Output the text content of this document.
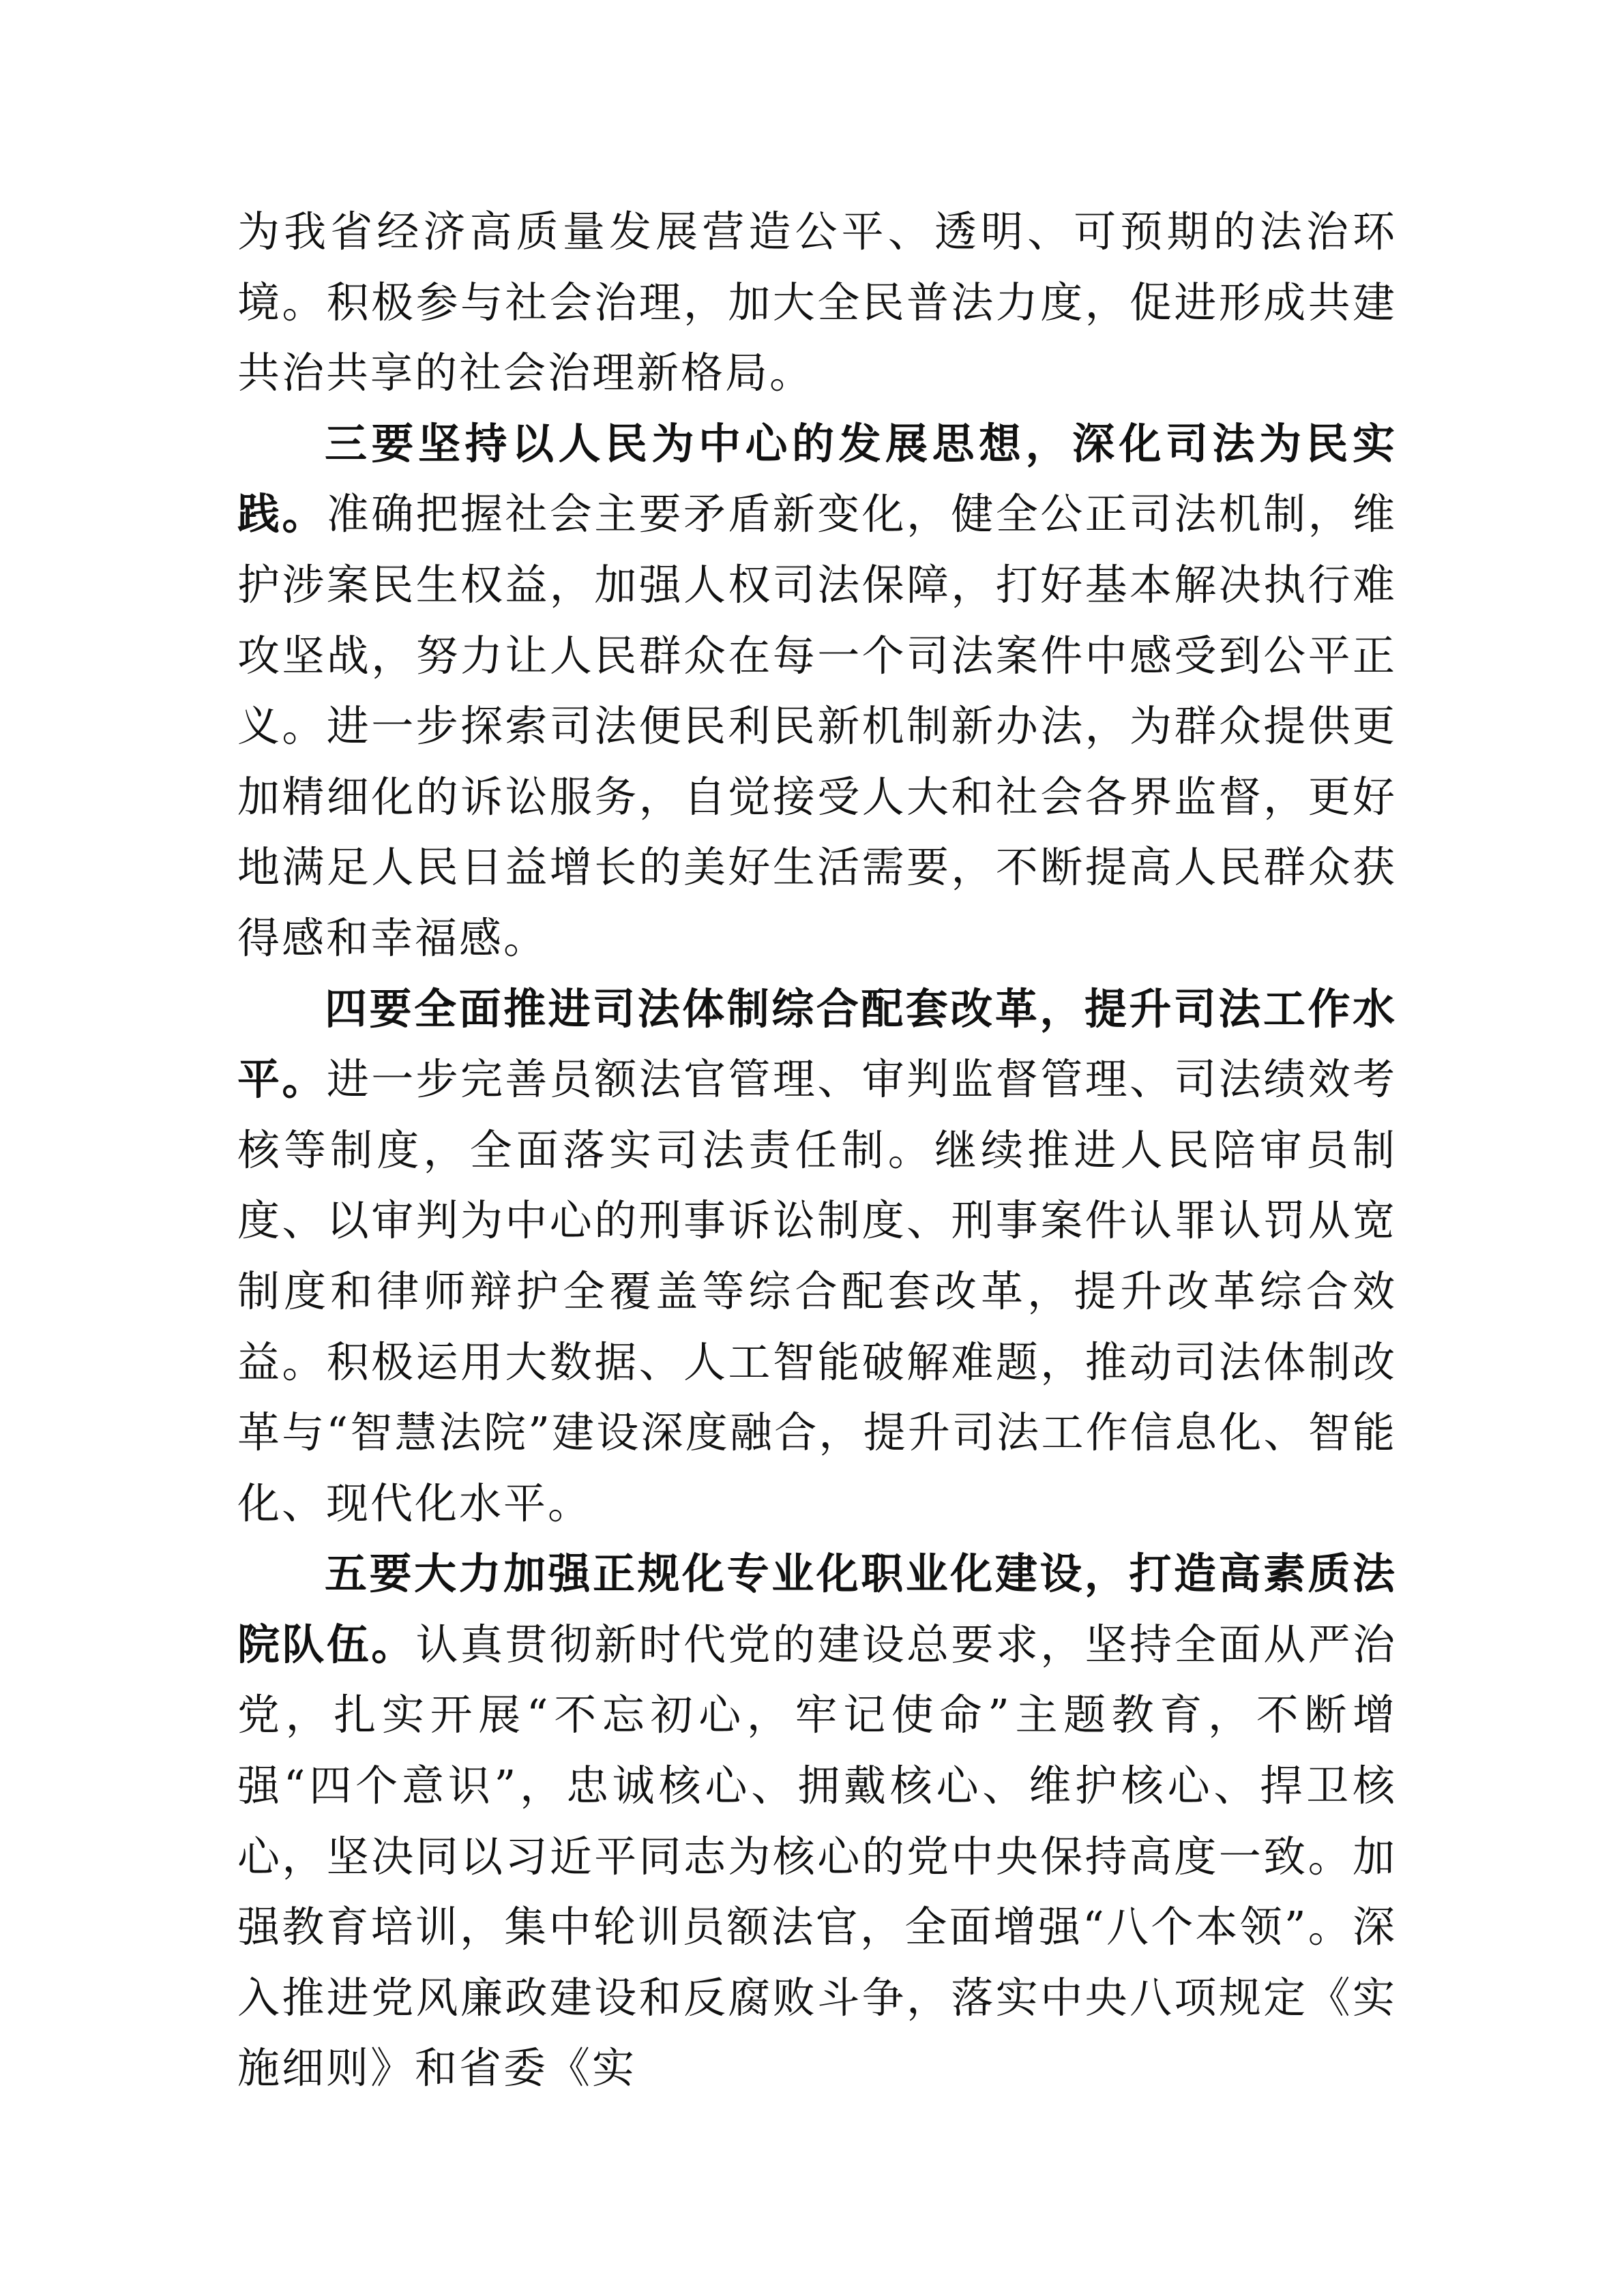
为我省经济高质量发展营造公平、透明、可预期的法治环境。积极参与社会治理，加大全民普法力度，促进形成共建共治共享的社会治理新格局。

三要坚持以人民为中心的发展思想，深化司法为民实践。准确把握社会主要矛盾新变化，健全公正司法机制，维护涉案民生权益，加强人权司法保障，打好基本解决执行难攻坚战，努力让人民群众在每一个司法案件中感受到公平正义。进一步探索司法便民利民新机制新办法，为群众提供更加精细化的诉讼服务，自觉接受人大和社会各界监督，更好地满足人民日益增长的美好生活需要，不断提高人民群众获得感和幸福感。

四要全面推进司法体制综合配套改革，提升司法工作水平。进一步完善员额法官管理、审判监督管理、司法绩效考核等制度，全面落实司法责任制。继续推进人民陪审员制度、以审判为中心的刑事诉讼制度、刑事案件认罪认罚从宽制度和律师辩护全覆盖等综合配套改革，提升改革综合效益。积极运用大数据、人工智能破解难题，推动司法体制改革与“智慧法院”建设深度融合，提升司法工作信息化、智能化、现代化水平。

五要大力加强正规化专业化职业化建设，打造高素质法院队伍。认真贯彻新时代党的建设总要求，坚持全面从严治党，扎实开展“不忘初心，牢记使命”主题教育，不断增强“四个意识”，忠诚核心、拥戴核心、维护核心、捍卫核心，坚决同以习近平同志为核心的党中央保持高度一致。加强教育培训，集中轮训员额法官，全面增强“八个本领”。深入推进党风廉政建设和反腐败斗争，落实中央八项规定《实施细则》和省委《实
